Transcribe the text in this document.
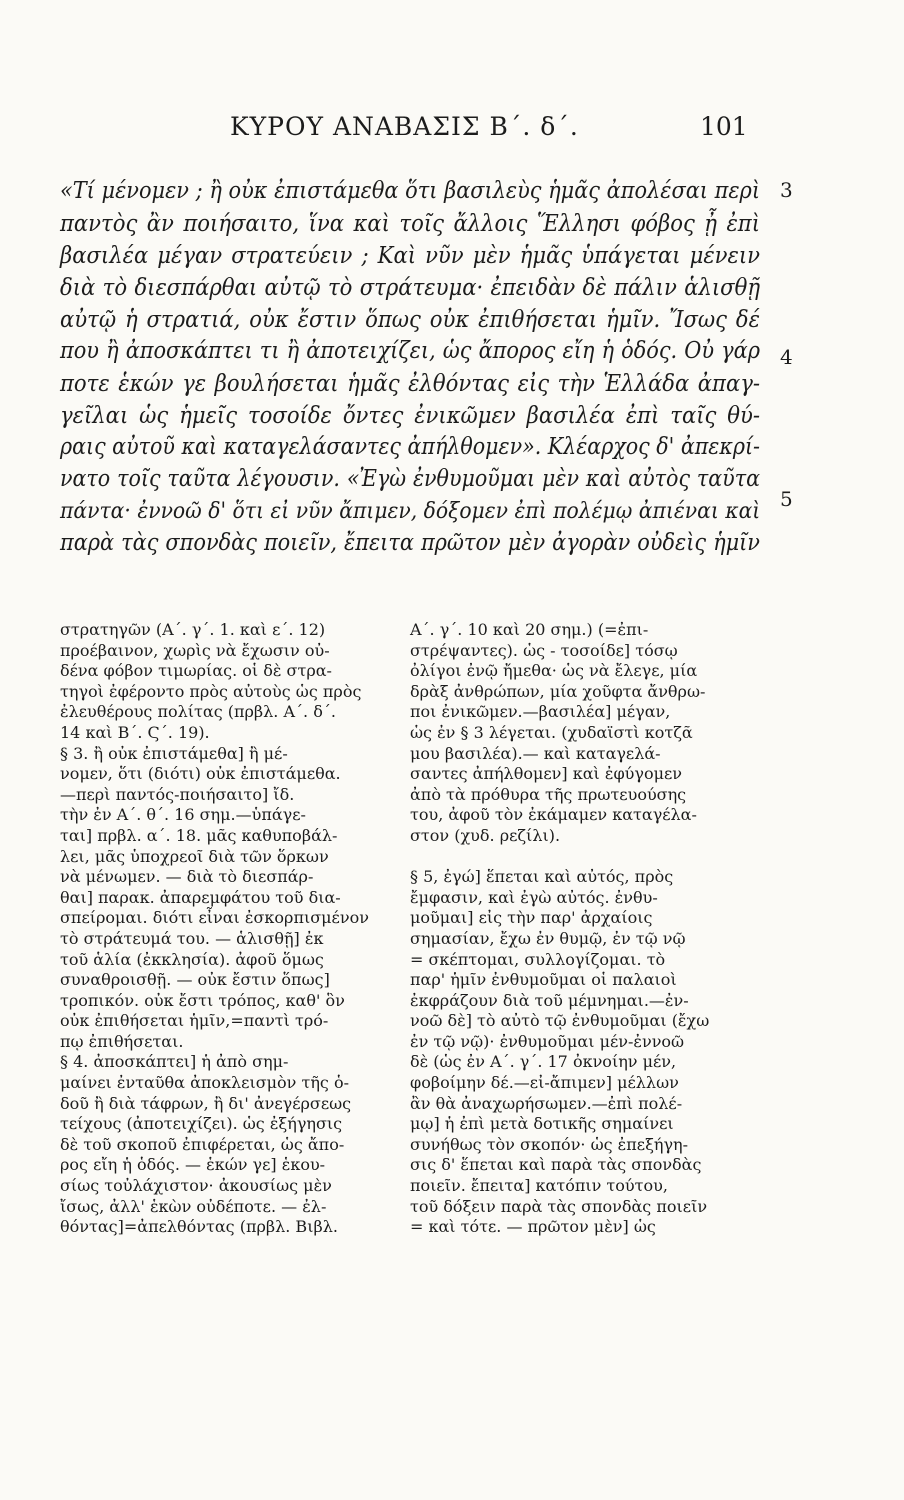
ΚΥΡΟΥ ΑΝΑΒΑΣΙΣ Β΄. δ΄.	101
3
4
5
«Τί μένομεν ; ἢ οὐκ ἐπιστάμεθα ὅτι βασιλεὺς ἡμᾶς ἀπολέσαι περὶ
παντὸς ἂν ποιήσαιτο, ἵνα καὶ τοῖς ἄλλοις Ἕλλησι φόβος ᾖ ἐπὶ
βασιλέα μέγαν στρατεύειν ; Καὶ νῦν μὲν ἡμᾶς ὑπάγεται μένειν
διὰ τὸ διεσπάρθαι αὐτῷ τὸ στράτευμα· ἐπειδὰν δὲ πάλιν ἁλισθῇ
αὐτῷ ἡ στρατιά, οὐκ ἔστιν ὅπως οὐκ ἐπιθήσεται ἡμῖν. Ἴσως δέ
που ἢ ἀποσκάπτει τι ἢ ἀποτειχίζει, ὡς ἄπορος εἴη ἡ ὁδός. Οὐ γάρ
ποτε ἑκών γε βουλήσεται ἡμᾶς ἐλθόντας εἰς τὴν Ἑλλάδα ἀπαγ-
γεῖλαι ὡς ἡμεῖς τοσοίδε ὄντες ἐνικῶμεν βασιλέα ἐπὶ ταῖς θύ-
ραις αὐτοῦ καὶ καταγελάσαντες ἀπήλθομεν». Κλέαρχος δ' ἀπεκρί-
νατο τοῖς ταῦτα λέγουσιν. «Ἐγὼ ἐνθυμοῦμαι μὲν καὶ αὐτὸς ταῦτα
πάντα· ἐννοῶ δ' ὅτι εἰ νῦν ἄπιμεν, δόξομεν ἐπὶ πολέμῳ ἀπιέναι καὶ
παρὰ τὰς σπονδὰς ποιεῖν, ἔπειτα πρῶτον μὲν ἀγορὰν οὐδεὶς ἡμῖν
στρατηγῶν (Α΄. γ΄. 1. καὶ ε΄. 12)
προέβαινον, χωρὶς νὰ ἔχωσιν οὐ-
δένα φόβον τιμωρίας. οἱ δὲ στρα-
τηγοὶ ἐφέροντο πρὸς αὐτοὺς ὡς πρὸς
ἐλευθέρους πολίτας (πρβλ. Α΄. δ΄.
14 καὶ Β΄. Ϛ΄. 19).
§ 3. ἢ οὐκ ἐπιστάμεθα] ἢ μέ-
νομεν, ὅτι (διότι) οὐκ ἐπιστάμεθα.
—περὶ παντός-ποιήσαιτο] ἴδ.
τὴν ἐν Α΄. θ΄. 16 σημ.—ὑπάγε-
ται] πρβλ. α΄. 18. μᾶς καθυποβάλ-
λει, μᾶς ὑποχρεοῖ διὰ τῶν ὅρκων
νὰ μένωμεν. — διὰ τὸ διεσπάρ-
θαι] παρακ. ἀπαρεμφάτου τοῦ δια-
σπείρομαι. διότι εἶναι ἐσκορπισμένον
τὸ στράτευμά του. — ἁλισθῇ] ἐκ
τοῦ ἁλία (ἐκκλησία). ἀφοῦ ὅμως
συναθροισθῇ. — οὐκ ἔστιν ὅπως]
τροπικόν. οὐκ ἔστι τρόπος, καθ' ὃν
οὐκ ἐπιθήσεται ἡμῖν,=παντὶ τρό-
πῳ ἐπιθήσεται.
§ 4. ἀποσκάπτει] ἡ ἀπὸ σημ-
μαίνει ἐνταῦθα ἀποκλεισμὸν τῆς ὁ-
δοῦ ἢ διὰ τάφρων, ἢ δι' ἀνεγέρσεως
τείχους (ἀποτειχίζει). ὡς ἐξήγησις
δὲ τοῦ σκοποῦ ἐπιφέρεται, ὡς ἄπο-
ρος εἴη ἡ ὁδός. — ἑκών γε] ἑκου-
σίως τοὐλάχιστον· ἀκουσίως μὲν
ἴσως, ἀλλ' ἑκὼν οὐδέποτε. — ἐλ-
θόντας]=ἀπελθόντας (πρβλ. Βιβλ.
Α΄. γ΄. 10 καὶ 20 σημ.) (=ἐπι-
στρέψαντες). ὡς - τοσοίδε] τόσῳ
ὀλίγοι ἐνῷ ἤμεθα· ὡς νὰ ἔλεγε, μία
δρὰξ ἀνθρώπων, μία χοῦφτα ἄνθρω-
ποι ἐνικῶμεν.—βασιλέα] μέγαν,
ὡς ἐν § 3 λέγεται. (χυδαϊστὶ κοτζᾶ
μου βασιλέα).— καὶ καταγελά-
σαντες ἀπήλθομεν] καὶ ἐφύγομεν
ἀπὸ τὰ πρόθυρα τῆς πρωτευούσης
του, ἀφοῦ τὸν ἐκάμαμεν καταγέλα-
στον (χυδ. ρεζίλι).
§ 5, ἐγώ] ἕπεται καὶ αὐτός, πρὸς
ἔμφασιν, καὶ ἐγὼ αὐτός. ἐνθυ-
μοῦμαι] εἰς τὴν παρ' ἀρχαίοις
σημασίαν, ἔχω ἐν θυμῷ, ἐν τῷ νῷ
= σκέπτομαι, συλλογίζομαι. τὸ
παρ' ἡμῖν ἐνθυμοῦμαι οἱ παλαιοὶ
ἐκφράζουν διὰ τοῦ μέμνημαι.—ἐν-
νοῶ δὲ] τὸ αὐτὸ τῷ ἐνθυμοῦμαι (ἔχω
ἐν τῷ νῷ)· ἐνθυμοῦμαι μέν-ἐννοῶ
δὲ (ὡς ἐν Α΄. γ΄. 17 ὀκνοίην μέν,
φοβοίμην δέ.—εἰ-ἄπιμεν] μέλλων
ἂν θὰ ἀναχωρήσωμεν.—ἐπὶ πολέ-
μῳ] ἡ ἐπὶ μετὰ δοτικῆς σημαίνει
συνήθως τὸν σκοπόν· ὡς ἐπεξήγη-
σις δ' ἕπεται καὶ παρὰ τὰς σπονδὰς
ποιεῖν. ἔπειτα] κατόπιν τούτου,
τοῦ δόξειν παρὰ τὰς σπονδὰς ποιεῖν
= καὶ τότε. — πρῶτον μὲν] ὡς
